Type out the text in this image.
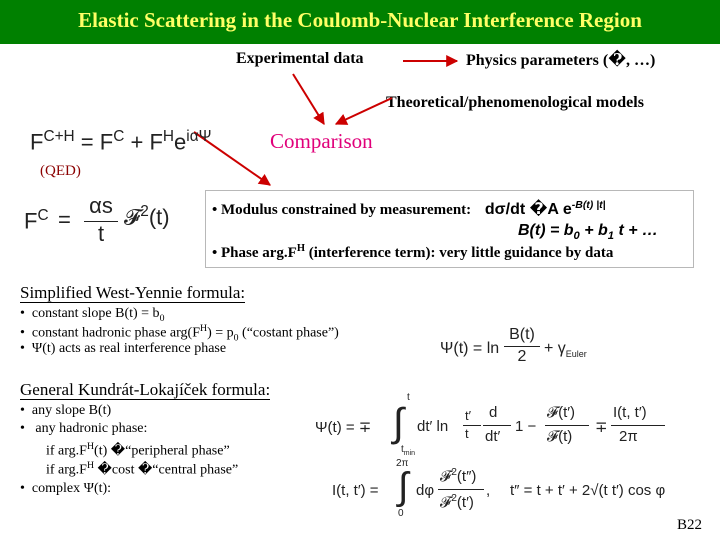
Elastic Scattering in the Coulomb-Nuclear Interference Region
Experimental data	Physics parameters (�, …)
Theoretical/phenomenological models
Comparison
(QED)
$F^{C+H} = F^C + F^He^{i\alpha\Psi}$
$F^C$ =
αs
t
𝓕$^2$(t)	• Modulus constrained by measurement: dσ/dt �A $e^{-B(t) |t|}$
$B(t) = b_0 + b_1$ t + …
• Phase $arg.F^H$ (interference term): very little guidance by data
Simplified West-Yennie formula:
•  constant slope $B(t) = b_0$
•  constant hadronic phase $arg(F^H) = p_0$ (“costant phase”)
•  Ψ(t) acts as real interference phase	Ψ(t) = ln
B(t)
2	+ $\gamma_{Euler}$
General Kundrát-Lokajíček formula:
•  any slope B(t)
•   any hadronic phase:
if $arg.F^H(t)$ �“peripheral phase”
if $arg.F^H$ �cost �“central phase”
•  complex Ψ(t):
Ψ(t) = ∓ ∫
t
$t_{min}$
dt′ ln
t′
t
d
dt′
1 −
𝓕(t′)
𝓕(t)
∓
I(t, t′)
2π
I(t, t′) =
2π
∫
0
dφ
𝓕$^2$(t″)
𝓕$^2$(t′)
, t″ = t + t′ + 2√(t t′) cos φ
B22
